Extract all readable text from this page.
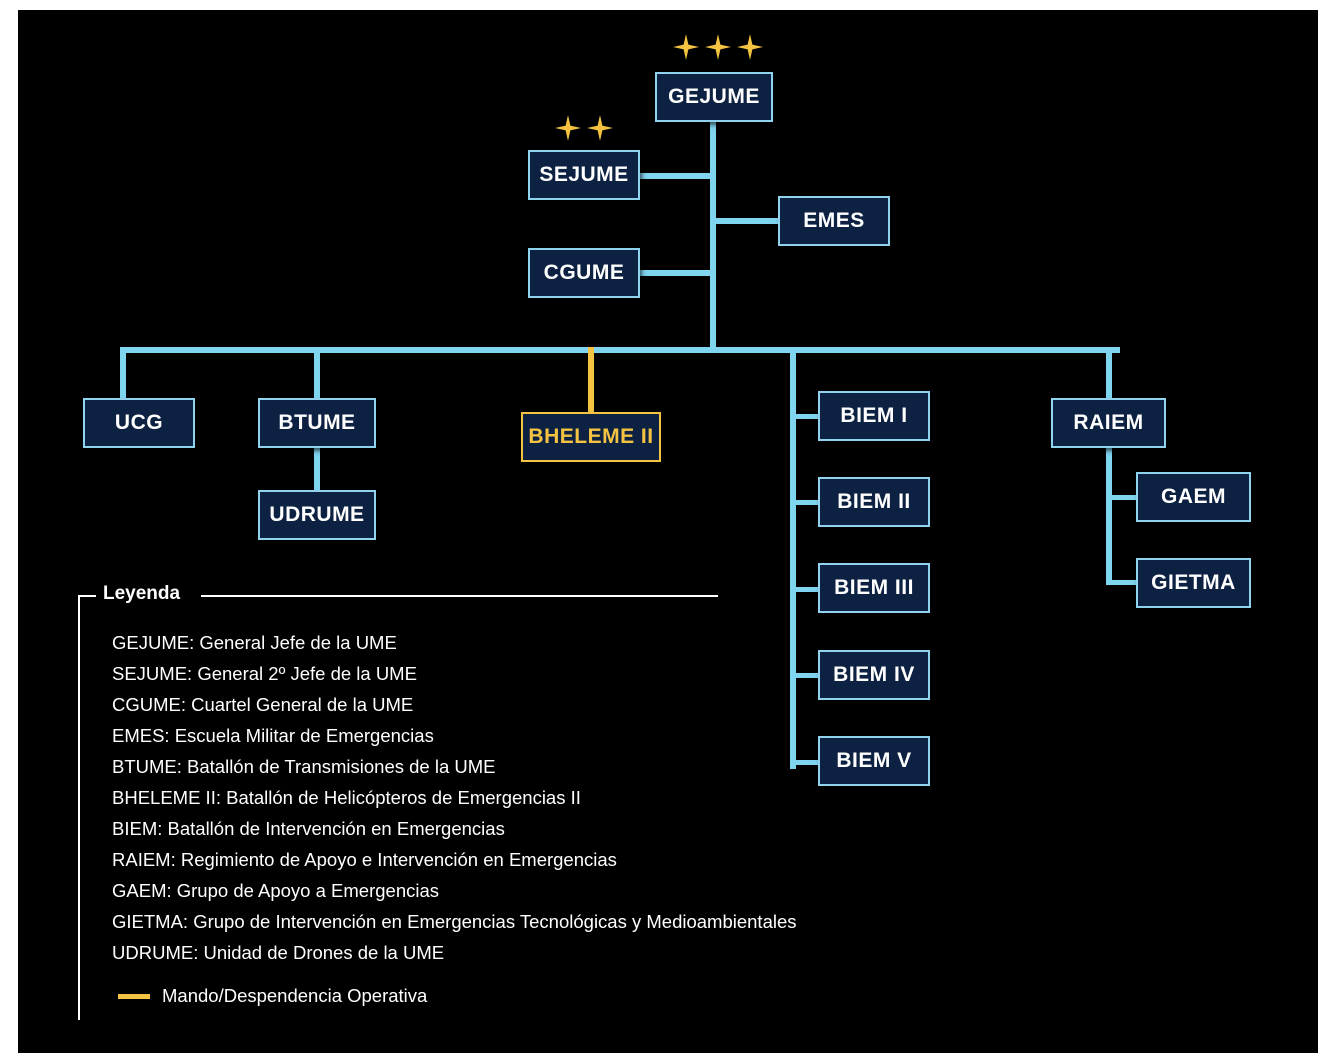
GEJUME
SEJUME
CGUME
EMES
UCG	BTUME
UDRUME
BHELEME II
BIEM I
BIEM II
BIEM III
BIEM IV
BIEM V
RAIEM
GAEM
GIETMA
Leyenda
GEJUME: General Jefe de la UME
SEJUME: General 2º Jefe de la UME
CGUME: Cuartel General de la UME
EMES: Escuela Militar de Emergencias
BTUME: Batallón de Transmisiones de la UME
BHELEME II: Batallón de Helicópteros de Emergencias II
BIEM: Batallón de Intervención en Emergencias
RAIEM: Regimiento de Apoyo e Intervención en Emergencias
GAEM: Grupo de Apoyo a Emergencias
GIETMA: Grupo de Intervención en Emergencias Tecnológicas y Medioambientales
UDRUME: Unidad de Drones de la UME
Mando/Despendencia Operativa
